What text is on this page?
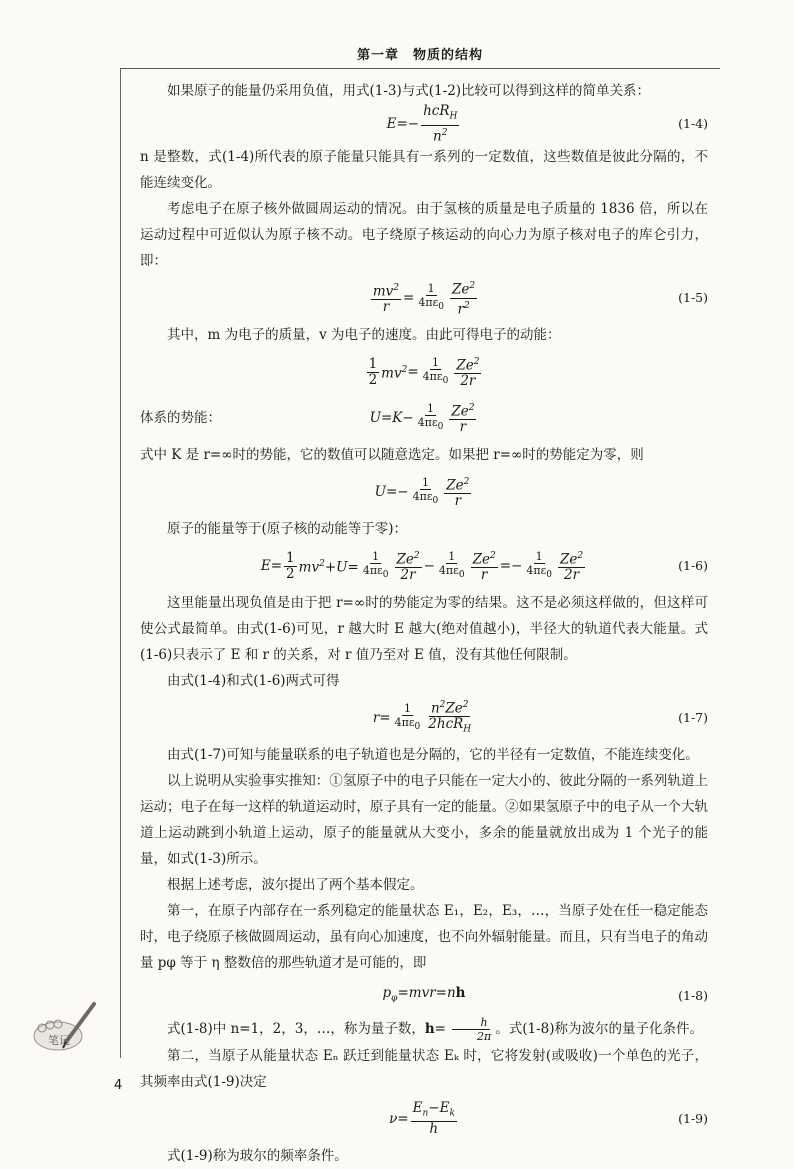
第一章　物质的结构

如果原子的能量仍采用负值，用式(1-3)与式(1-2)比较可以得到这样的简单关系：

$E=- \frac{hcR_H}{n^2}$	(1-4)

n 是整数，式(1-4)所代表的原子能量只能具有一系列的一定数值，这些数值是彼此分隔的，不能连续变化。

考虑电子在原子核外做圆周运动的情况。由于氢核的质量是电子质量的 1836 倍，所以在运动过程中可近似认为原子核不动。电子绕原子核运动的向心力为原子核对电子的库仑引力，即：

$\frac{mv^2}{r} = \frac{1}{4\pi\varepsilon_0} \frac{Ze^2}{r^2}$	(1-5)

其中，m 为电子的质量，v 为电子的速度。由此可得电子的动能：

$\frac{1}{2} mv^2 = \frac{1}{4\pi\varepsilon_0} \frac{Ze^2}{2r}$
体系的势能：	$U=K- \frac{1}{4\pi\varepsilon_0} \frac{Ze^2}{r}$

式中 K 是 r=∞时的势能，它的数值可以随意选定。如果把 r=∞时的势能定为零，则

$U=- \frac{1}{4\pi\varepsilon_0} \frac{Ze^2}{r}$

原子的能量等于(原子核的动能等于零)：

$E= \frac{1}{2} mv^2+U= \frac{1}{4\pi\varepsilon_0} \frac{Ze^2}{2r} - \frac{1}{4\pi\varepsilon_0} \frac{Ze^2}{r} =- \frac{1}{4\pi\varepsilon_0} \frac{Ze^2}{2r}$	(1-6)

这里能量出现负值是由于把 r=∞时的势能定为零的结果。这不是必须这样做的，但这样可使公式最简单。由式(1-6)可见，r 越大时 E 越大(绝对值越小)，半径大的轨道代表大能量。式(1-6)只表示了 E 和 r 的关系，对 r 值乃至对 E 值，没有其他任何限制。

由式(1-4)和式(1-6)两式可得

$r= \frac{1}{4\pi\varepsilon_0} \frac{n^2Ze^2}{2hcR_H}$	(1-7)

由式(1-7)可知与能量联系的电子轨道也是分隔的，它的半径有一定数值，不能连续变化。

以上说明从实验事实推知：①氢原子中的电子只能在一定大小的、彼此分隔的一系列轨道上运动；电子在每一这样的轨道运动时，原子具有一定的能量。②如果氢原子中的电子从一个大轨道上运动跳到小轨道上运动，原子的能量就从大变小，多余的能量就放出成为 1 个光子的能量，如式(1-3)所示。

根据上述考虑，波尔提出了两个基本假定。

第一，在原子内部存在一系列稳定的能量状态 E₁，E₂，E₃，…，当原子处在任一稳定能态时，电子绕原子核做圆周运动，虽有向心加速度，也不向外辐射能量。而且，只有当电子的角动量 pφ 等于 η 整数倍的那些轨道才是可能的，即

$p_\varphi=mvr=nh$	(1-8)

式(1-8)中 n=1，2，3，…，称为量子数，$h= \frac{h}{2\pi}$ 。式(1-8)称为波尔的量子化条件。

第二，当原子从能量状态 Eₙ 跃迁到能量状态 Eₖ 时，它将发射(或吸收)一个单色的光子，其频率由式(1-9)决定

$\nu= \frac{E_n-E_k}{h}$	(1-9)

式(1-9)称为玻尔的频率条件。

笔记
4
